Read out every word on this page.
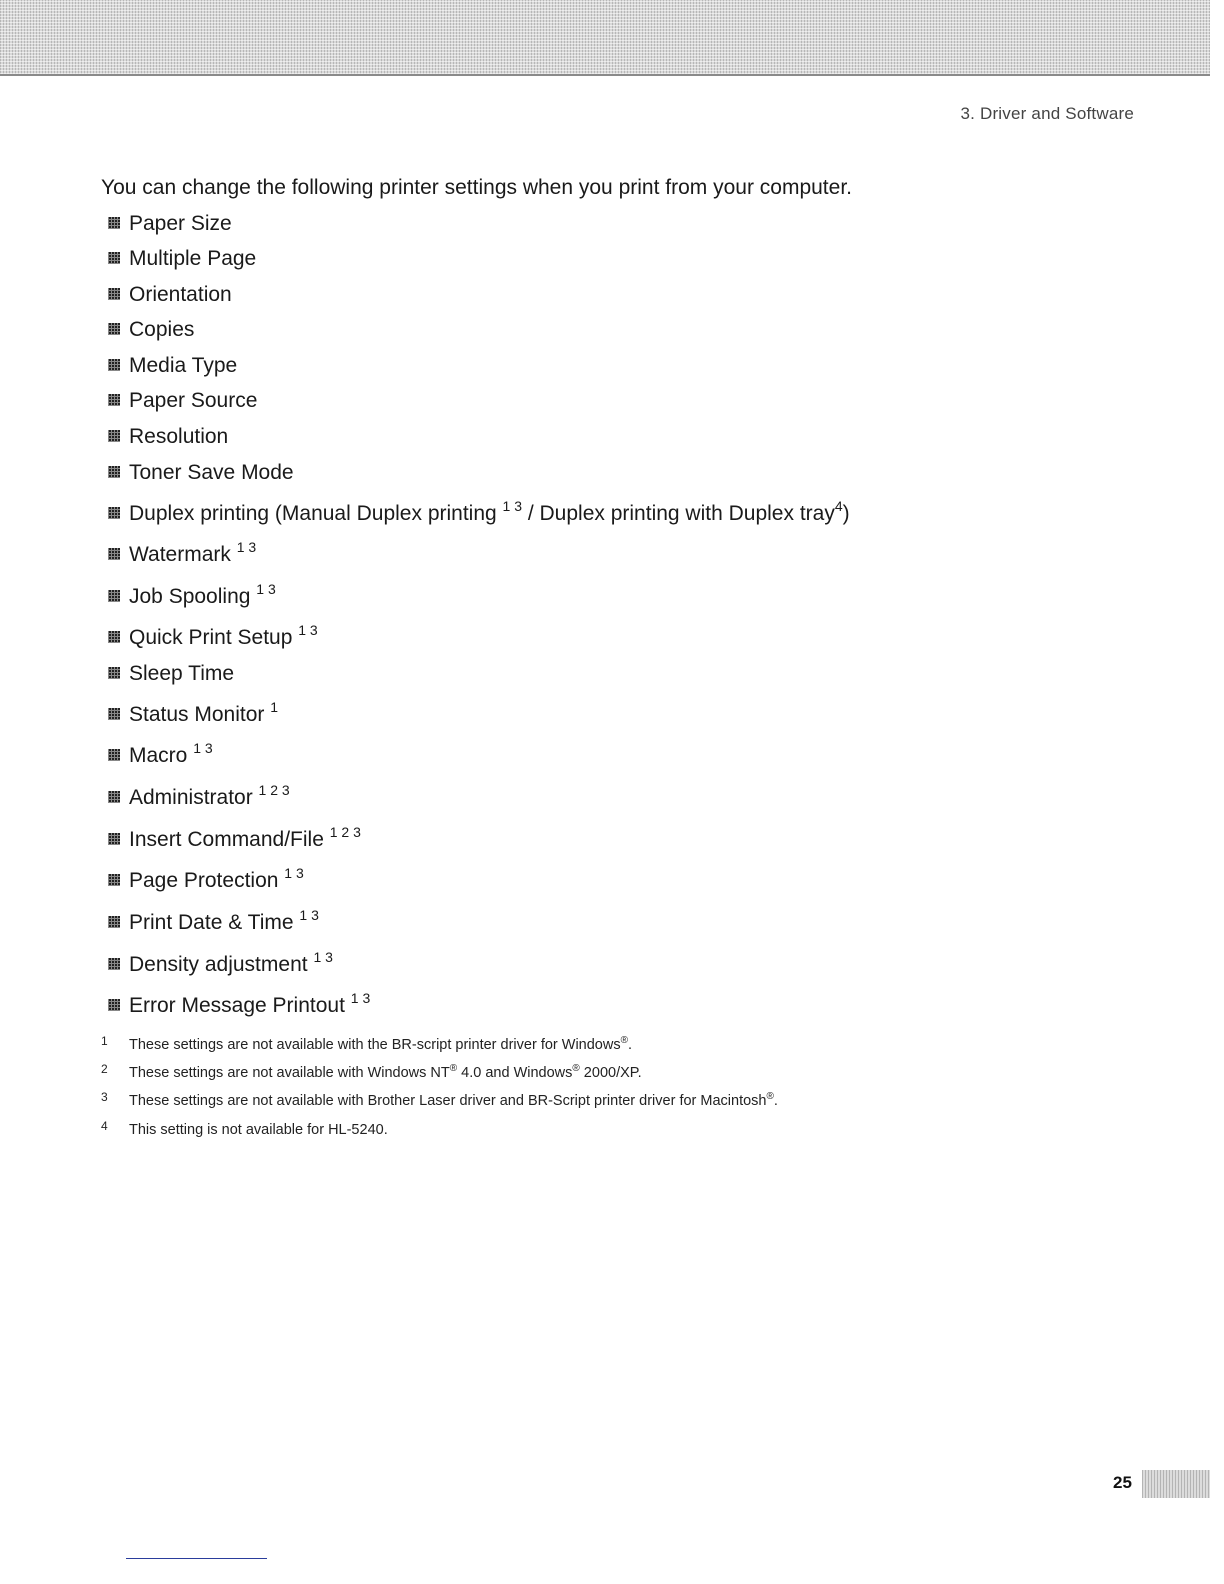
3. Driver and Software
You can change the following printer settings when you print from your computer.
Paper Size
Multiple Page
Orientation
Copies
Media Type
Paper Source
Resolution
Toner Save Mode
Duplex printing (Manual Duplex printing $^{1 3}$ / Duplex printing with Duplex tray$^4$)
Watermark $^{1 3}$
Job Spooling $^{1 3}$
Quick Print Setup $^{1 3}$
Sleep Time
Status Monitor $^1$
Macro $^{1 3}$
Administrator $^{1 2 3}$
Insert Command/File $^{1 2 3}$
Page Protection $^{1 3}$
Print Date & Time $^{1 3}$
Density adjustment $^{1 3}$
Error Message Printout $^{1 3}$
1 These settings are not available with the BR-script printer driver for Windows®.
2 These settings are not available with Windows NT® 4.0 and Windows® 2000/XP.
3 These settings are not available with Brother Laser driver and BR-Script printer driver for Macintosh®.
4 This setting is not available for HL-5240.
25
